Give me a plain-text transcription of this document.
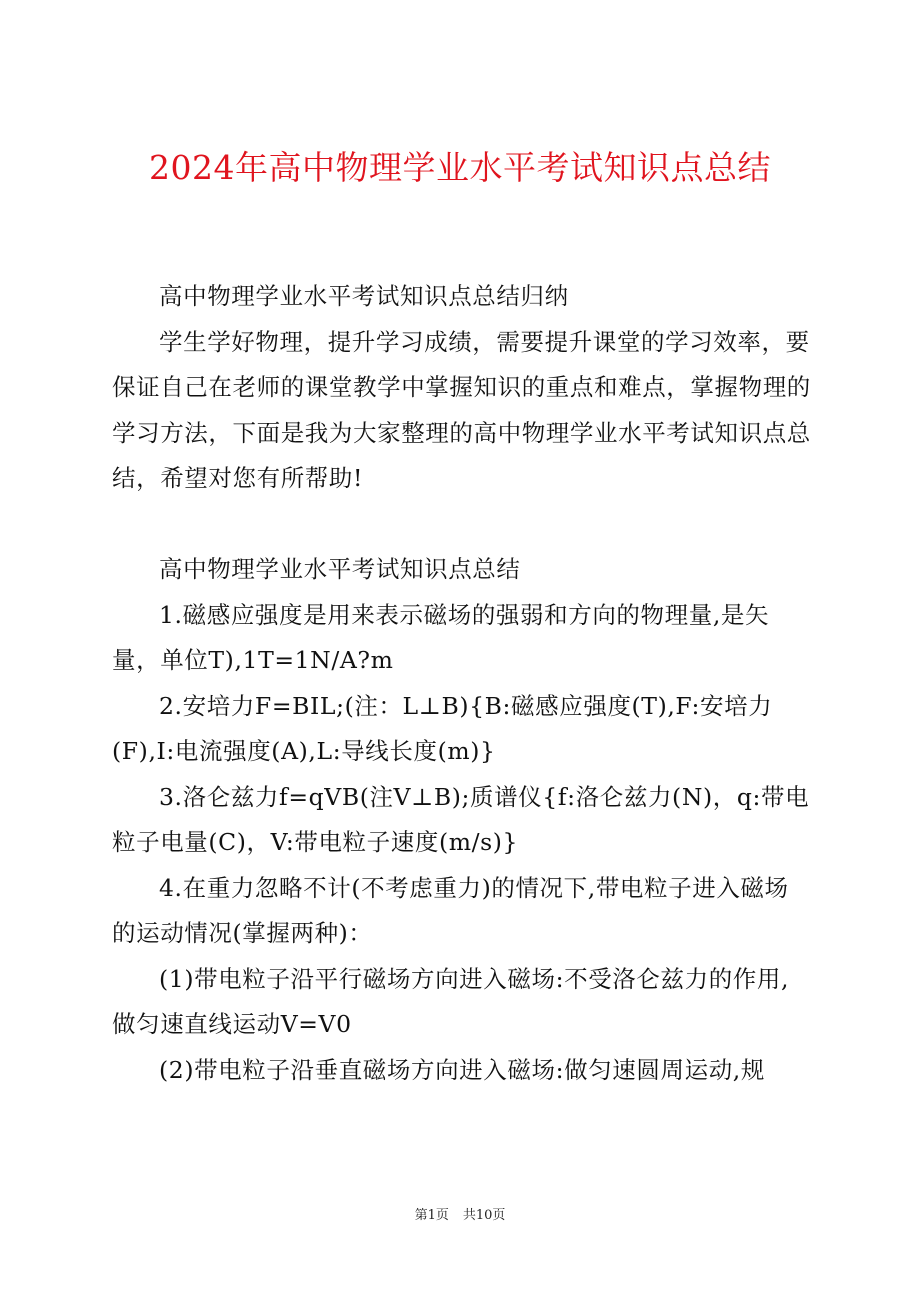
2024年高中物理学业水平考试知识点总结

高中物理学业水平考试知识点总结归纳

学生学好物理，提升学习成绩，需要提升课堂的学习效率，要保证自己在老师的课堂教学中掌握知识的重点和难点，掌握物理的学习方法，下面是我为大家整理的高中物理学业水平考试知识点总结，希望对您有所帮助!

高中物理学业水平考试知识点总结

1.磁感应强度是用来表示磁场的强弱和方向的物理量,是矢量，单位T),1T=1N/A?m

2.安培力F=BIL;(注：L⊥B){B:磁感应强度(T),F:安培力(F),I:电流强度(A),L:导线长度(m)}

3.洛仑兹力f=qVB(注V⊥B);质谱仪{f:洛仑兹力(N)，q:带电粒子电量(C)，V:带电粒子速度(m/s)}

4.在重力忽略不计(不考虑重力)的情况下,带电粒子进入磁场的运动情况(掌握两种)：

(1)带电粒子沿平行磁场方向进入磁场:不受洛仑兹力的作用,做匀速直线运动V=V0

(2)带电粒子沿垂直磁场方向进入磁场:做匀速圆周运动,规

第1页 共10页
